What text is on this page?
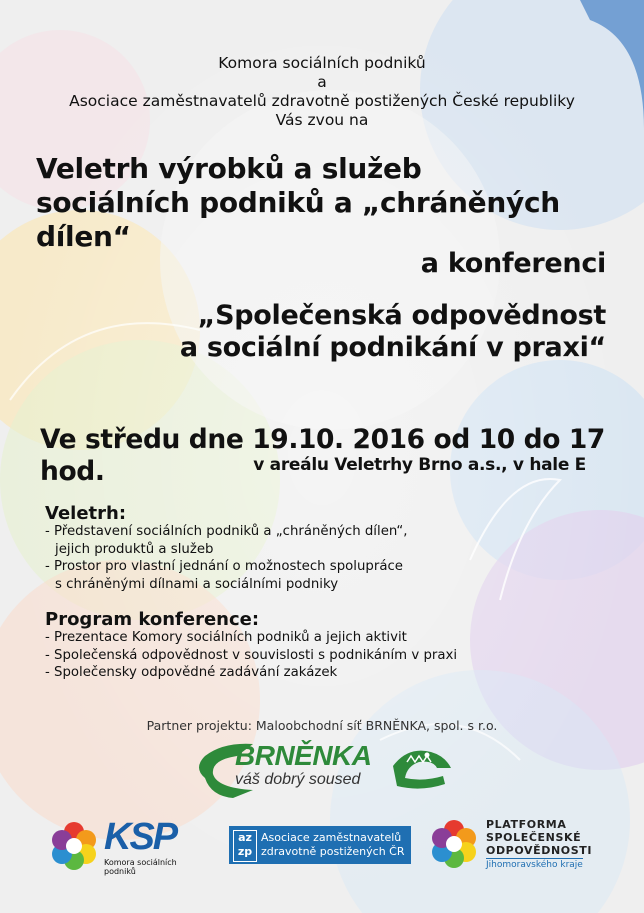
Komora sociálních podniků
a
Asociace zaměstnavatelů zdravotně postižených České republiky
Vás zvou na
Veletrh výrobků a služeb
sociálních podniků a „chráněných dílen“
a konferenci
„Společenská odpovědnost
a sociální podnikání v praxi“
Ve středu dne 19.10. 2016 od 10 do 17 hod.	v areálu Veletrhy Brno a.s., v hale E
Veletrh:
- Představení sociálních podniků a „chráněných dílen“,
jejich produktů a služeb
- Prostor pro vlastní jednání o možnostech spolupráce
s chráněnými dílnami a sociálními podniky
Program konference:
- Prezentace Komory sociálních podniků a jejich aktivit
- Společenská odpovědnost v souvislosti s podnikáním v praxi
- Společensky odpovědné zadávání zakázek
Partner projektu: Maloobchodní síť BRNĚNKA, spol. s r.o.
BRNĚNKA
váš dobrý soused
KSP
Komora sociálních podniků
az
zp
Asociace zaměstnavatelů
zdravotně postižených ČR
PLATFORMA
SPOLEČENSKÉ
ODPOVĚDNOSTI
Jihomoravského kraje
